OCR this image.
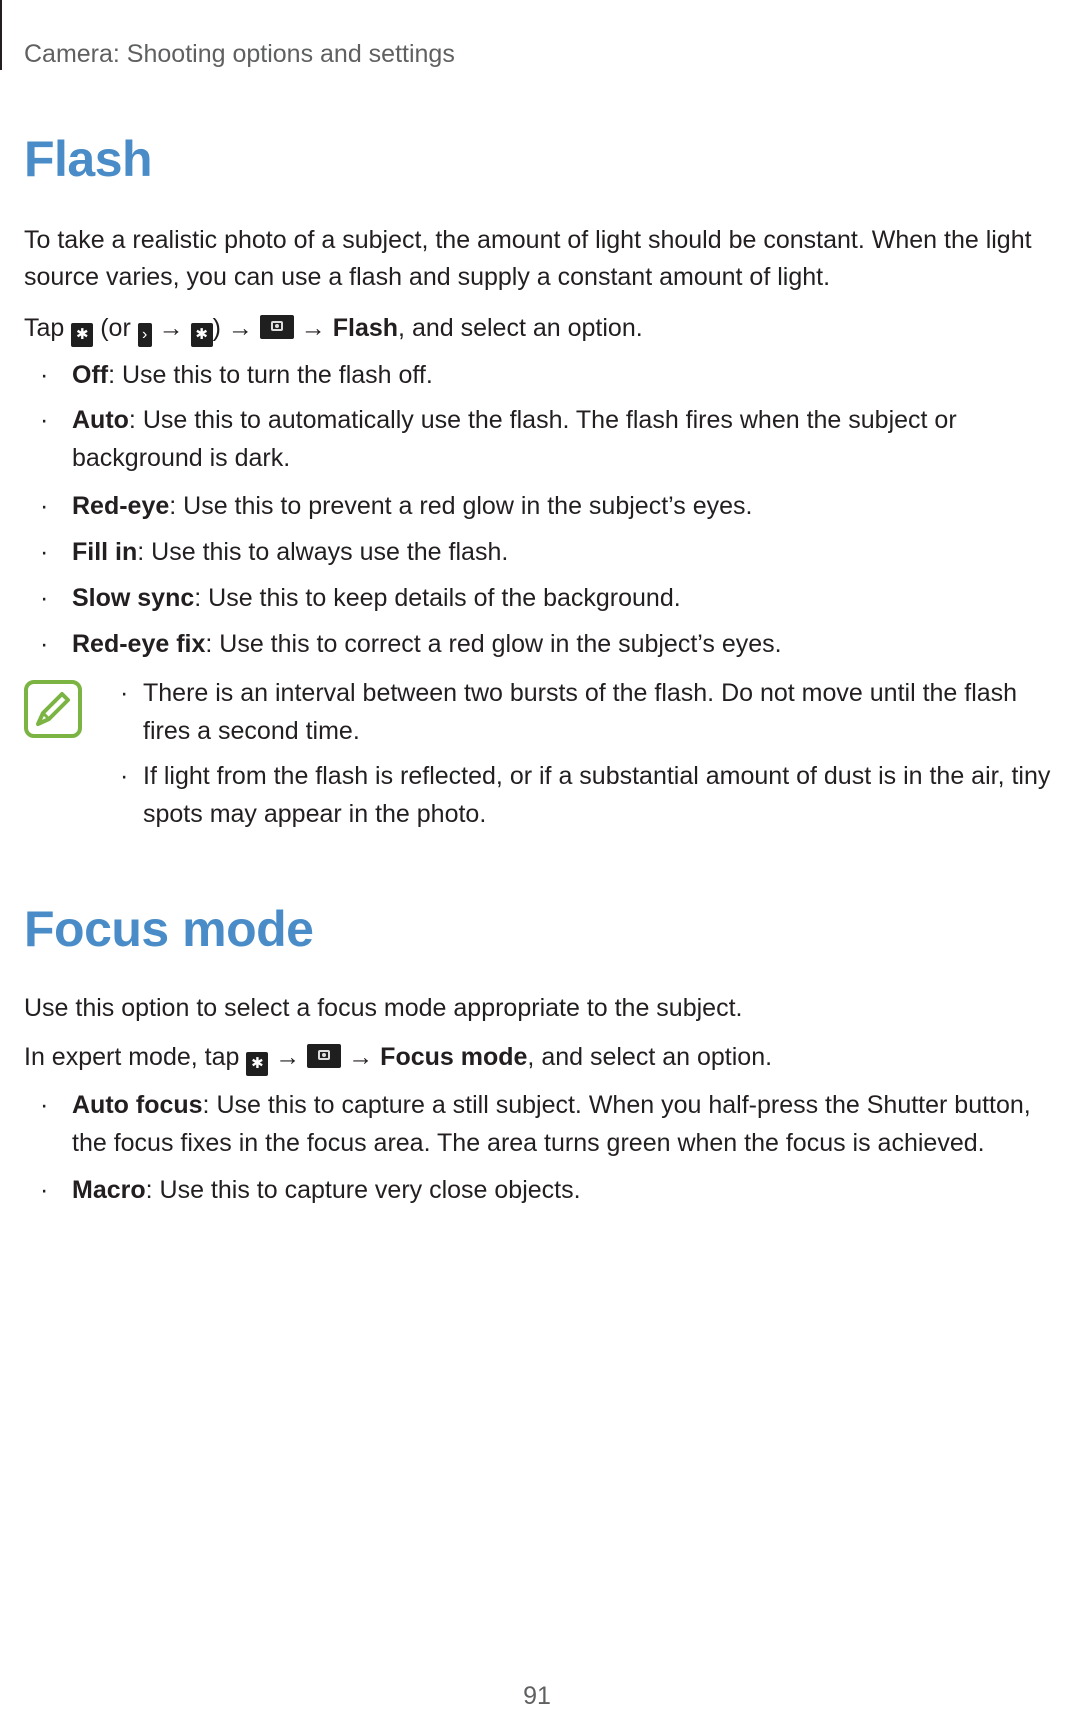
Camera: Shooting options and settings
Flash
To take a realistic photo of a subject, the amount of light should be constant. When the light source varies, you can use a flash and supply a constant amount of light.
Tap ✱ (or › → ✱ ) →  → Flash, and select an option.
· Off: Use this to turn the flash off.
· Auto: Use this to automatically use the flash. The flash fires when the subject or background is dark.
· Red-eye: Use this to prevent a red glow in the subject’s eyes.
· Fill in: Use this to always use the flash.
· Slow sync: Use this to keep details of the background.
· Red-eye fix: Use this to correct a red glow in the subject’s eyes.
· There is an interval between two bursts of the flash. Do not move until the flash fires a second time.
· If light from the flash is reflected, or if a substantial amount of dust is in the air, tiny spots may appear in the photo.
Focus mode
Use this option to select a focus mode appropriate to the subject.
In expert mode, tap ✱ →  → Focus mode, and select an option.
· Auto focus: Use this to capture a still subject. When you half-press the Shutter button, the focus fixes in the focus area. The area turns green when the focus is achieved.
· Macro: Use this to capture very close objects.
91
